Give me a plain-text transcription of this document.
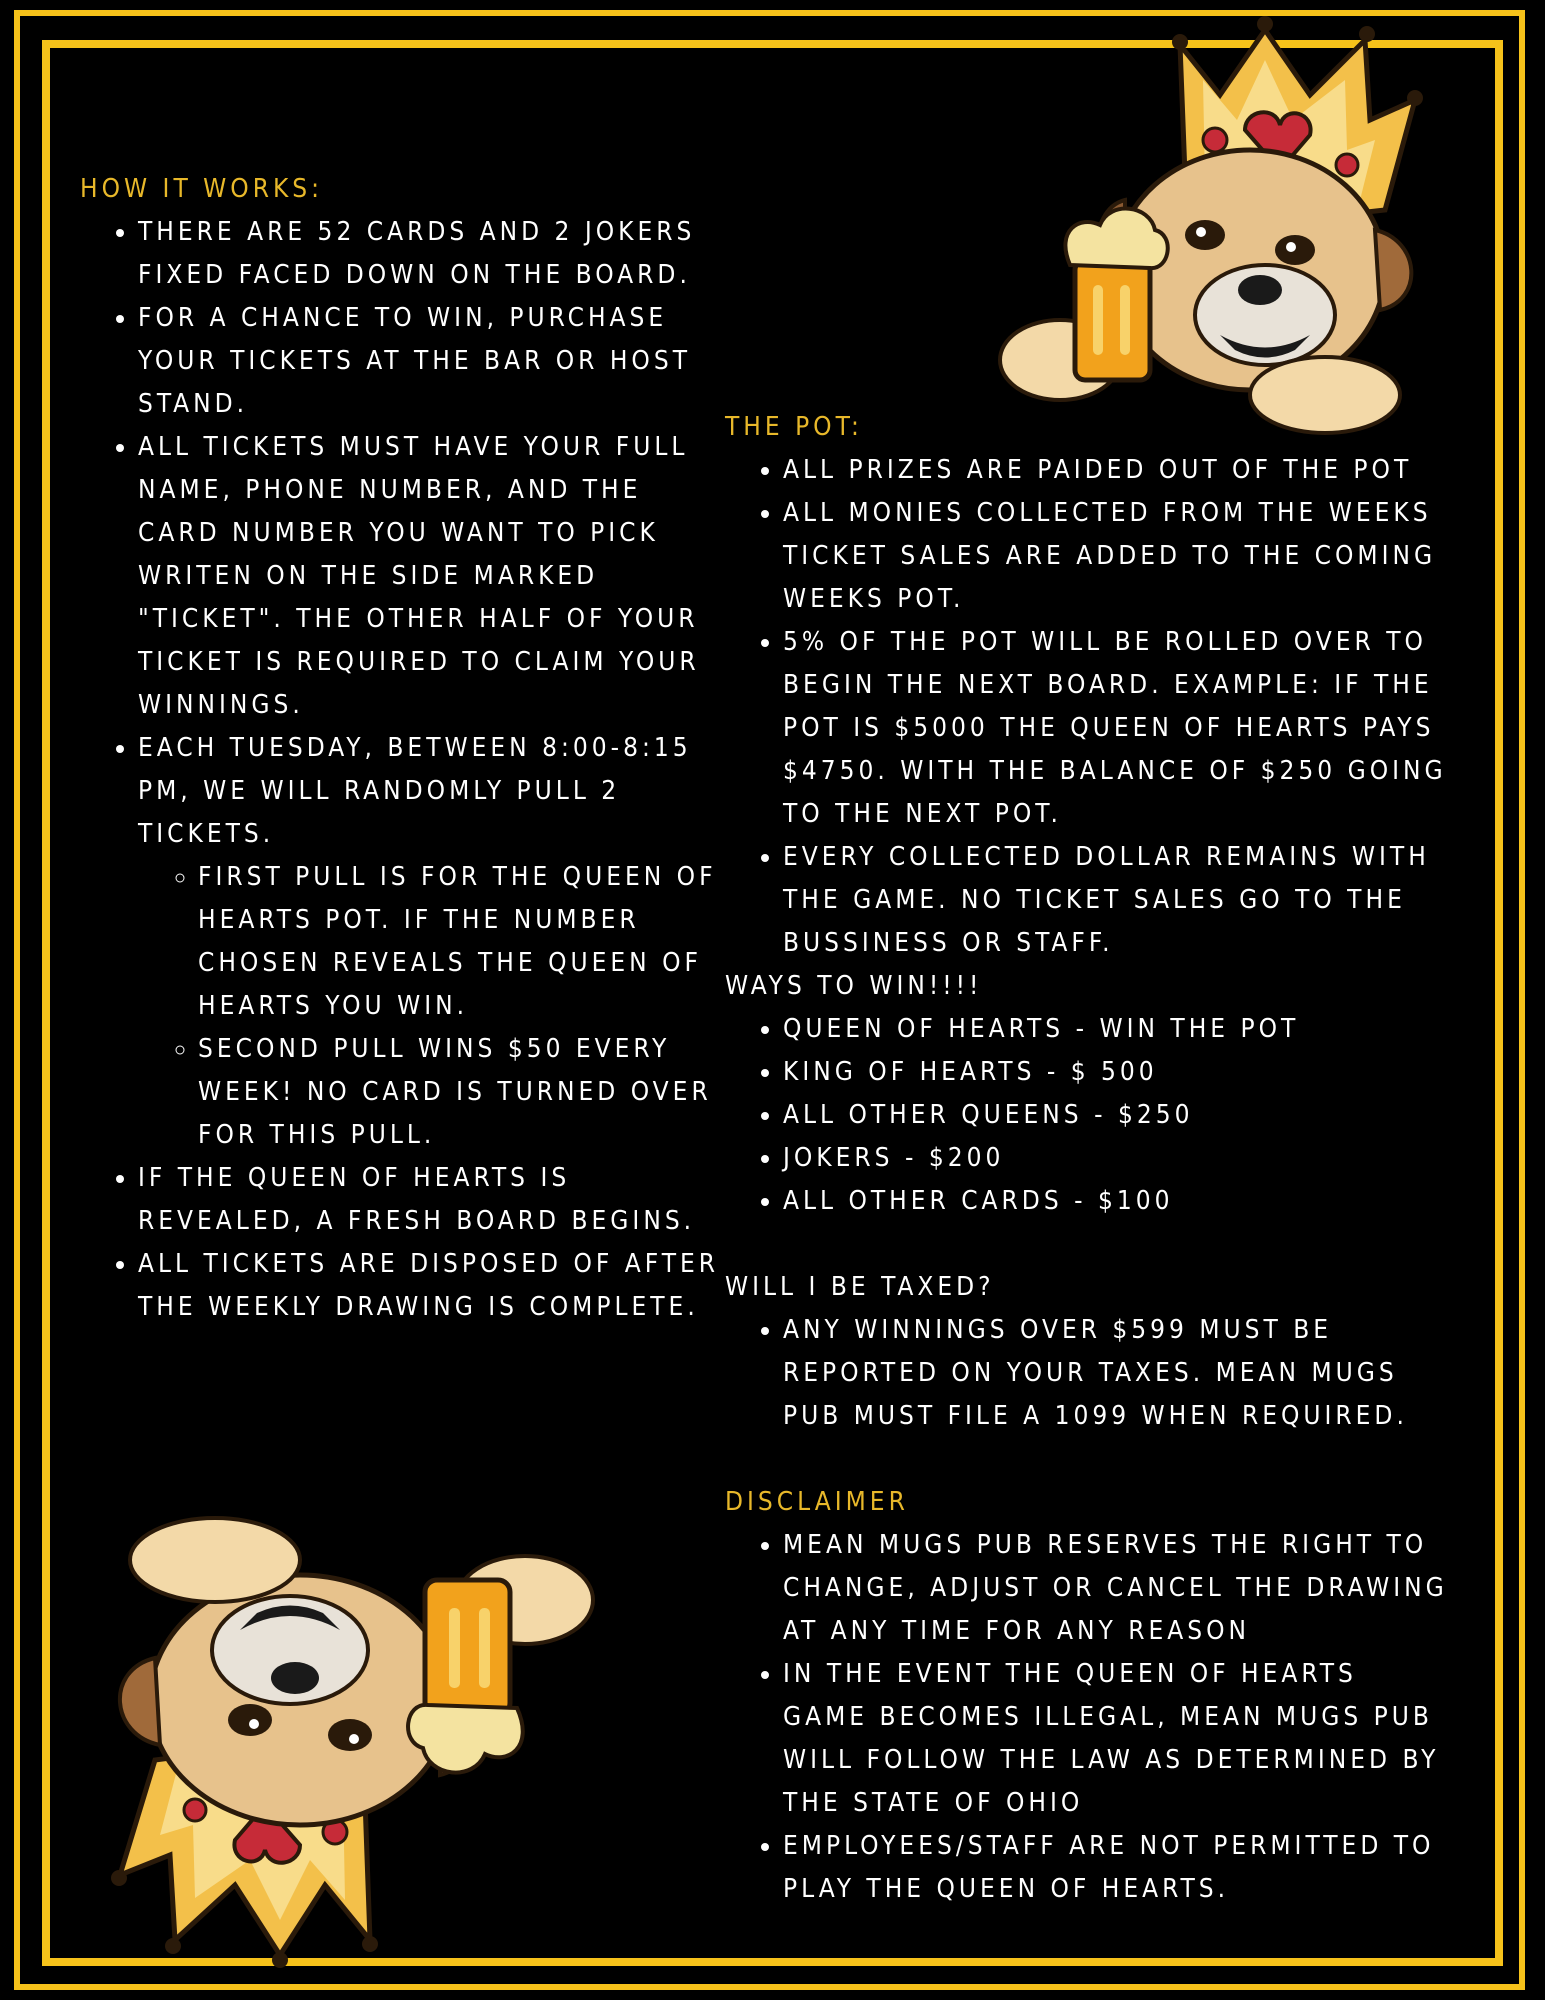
HOW IT WORKS:
• THERE ARE 52 CARDS AND 2 JOKERS FIXED FACED DOWN ON THE BOARD.
• FOR A CHANCE TO WIN, PURCHASE YOUR TICKETS AT THE BAR OR HOST STAND.
• ALL TICKETS MUST HAVE YOUR FULL NAME, PHONE NUMBER, AND THE CARD NUMBER YOU WANT TO PICK WRITEN ON THE SIDE MARKED "TICKET". THE OTHER HALF OF YOUR TICKET IS REQUIRED TO CLAIM YOUR WINNINGS.
• EACH TUESDAY, BETWEEN 8:00-8:15 PM, WE WILL RANDOMLY PULL 2 TICKETS.
◦ FIRST PULL IS FOR THE QUEEN OF HEARTS POT. IF THE NUMBER CHOSEN REVEALS THE QUEEN OF HEARTS YOU WIN.
◦ SECOND PULL WINS $50 EVERY WEEK! NO CARD IS TURNED OVER FOR THIS PULL.
• IF THE QUEEN OF HEARTS IS REVEALED, A FRESH BOARD BEGINS.
• ALL TICKETS ARE DISPOSED OF AFTER THE WEEKLY DRAWING IS COMPLETE.
THE POT:
• ALL PRIZES ARE PAIDED OUT OF THE POT
• ALL MONIES COLLECTED FROM THE WEEKS TICKET SALES ARE ADDED TO THE COMING WEEKS POT.
• 5% OF THE POT WILL BE ROLLED OVER TO BEGIN THE NEXT BOARD. EXAMPLE: IF THE POT IS $5000 THE QUEEN OF HEARTS PAYS $4750. WITH THE BALANCE OF $250 GOING TO THE NEXT POT.
• EVERY COLLECTED DOLLAR REMAINS WITH THE GAME. NO TICKET SALES GO TO THE BUSSINESS OR STAFF.
WAYS TO WIN!!!!
• QUEEN OF HEARTS - WIN THE POT
• KING OF HEARTS - $ 500
• ALL OTHER QUEENS - $250
• JOKERS - $200
• ALL OTHER CARDS - $100
WILL I BE TAXED?
• ANY WINNINGS OVER $599 MUST BE REPORTED ON YOUR TAXES. MEAN MUGS PUB MUST FILE A 1099 WHEN REQUIRED.
DISCLAIMER
• MEAN MUGS PUB RESERVES THE RIGHT TO CHANGE, ADJUST OR CANCEL THE DRAWING AT ANY TIME FOR ANY REASON
• IN THE EVENT THE QUEEN OF HEARTS GAME BECOMES ILLEGAL, MEAN MUGS PUB WILL FOLLOW THE LAW AS DETERMINED BY THE STATE OF OHIO
• EMPLOYEES/STAFF ARE NOT PERMITTED TO PLAY THE QUEEN OF HEARTS.
